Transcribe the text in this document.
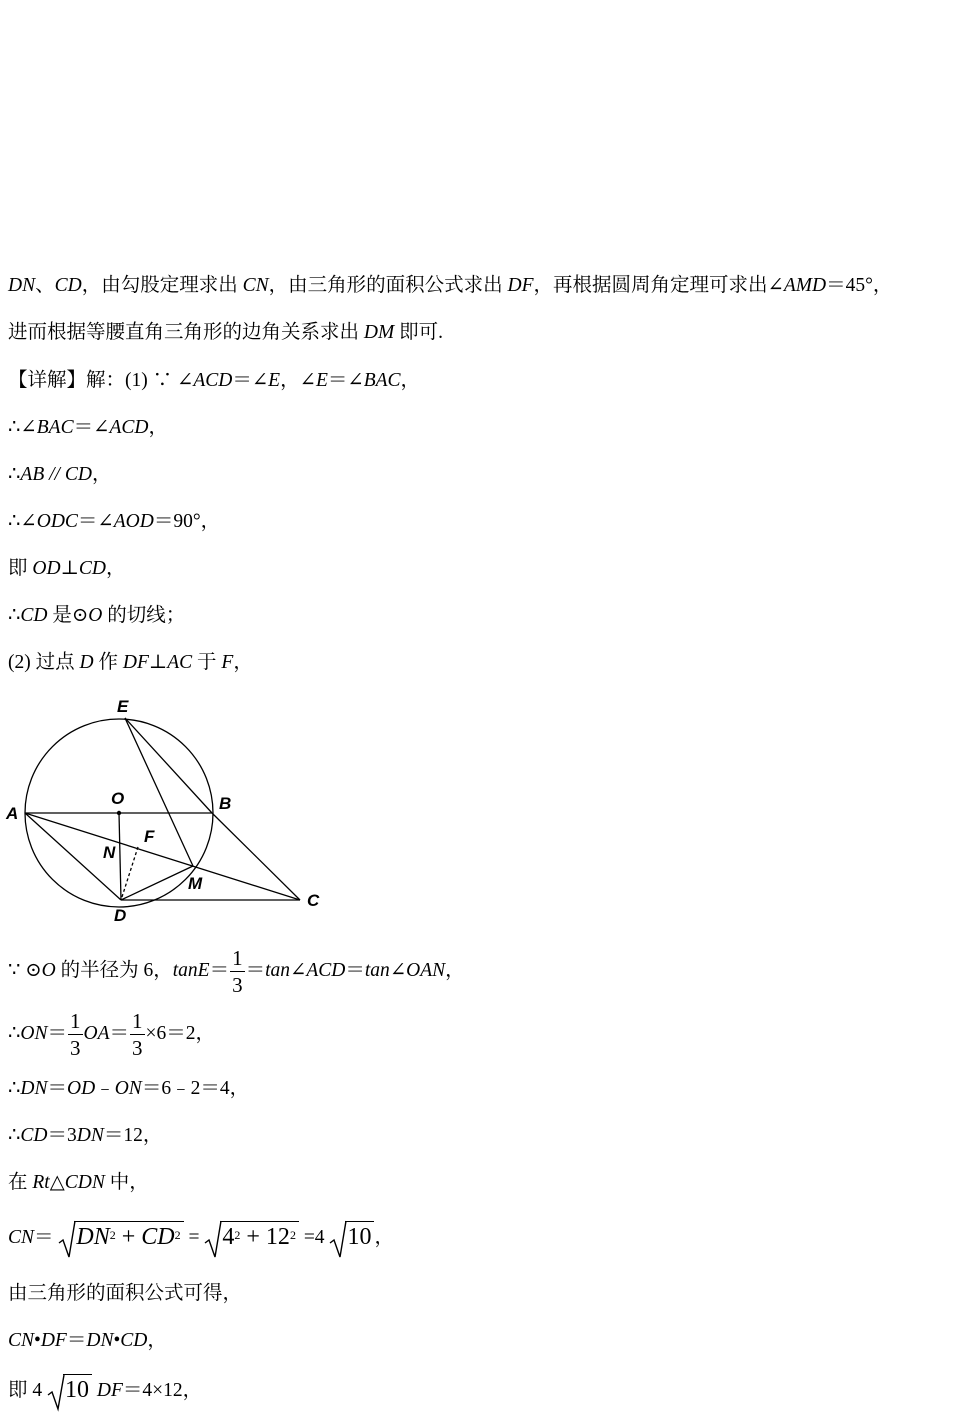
DN、CD，由勾股定理求出 CN，由三角形的面积公式求出 DF，再根据圆周角定理可求出∠AMD＝45°，
进而根据等腰直角三角形的边角关系求出 DM 即可.
【详解】解：(1) ∵ ∠ACD＝∠E，∠E＝∠BAC，
∴∠BAC＝∠ACD，
∴AB // CD，
∴∠ODC＝∠AOD＝90°，
即 OD⊥CD，
∴CD 是⊙O 的切线；
(2) 过点 D 作 DF⊥AC 于 F，
E
A
O	B
F
N
M
D
C
∵ ⊙O 的半径为 6，$\tan E= \frac{1}{3}$ ＝tan∠ACD＝tan∠OAN，
∴ON＝ $\frac{1}{3} OA= \frac{1}{3} \times 6=2$，
∴DN＝OD﹣ON＝6﹣2＝4，
∴CD＝3DN＝12，
在 Rt△CDN 中，
$CN= DN^2 + CD^2$ =
$4^2 + 12^2 =4$ 10 ，
由三角形的面积公式可得，
CN•DF＝DN•CD，
即 4 10 DF＝4×12，
